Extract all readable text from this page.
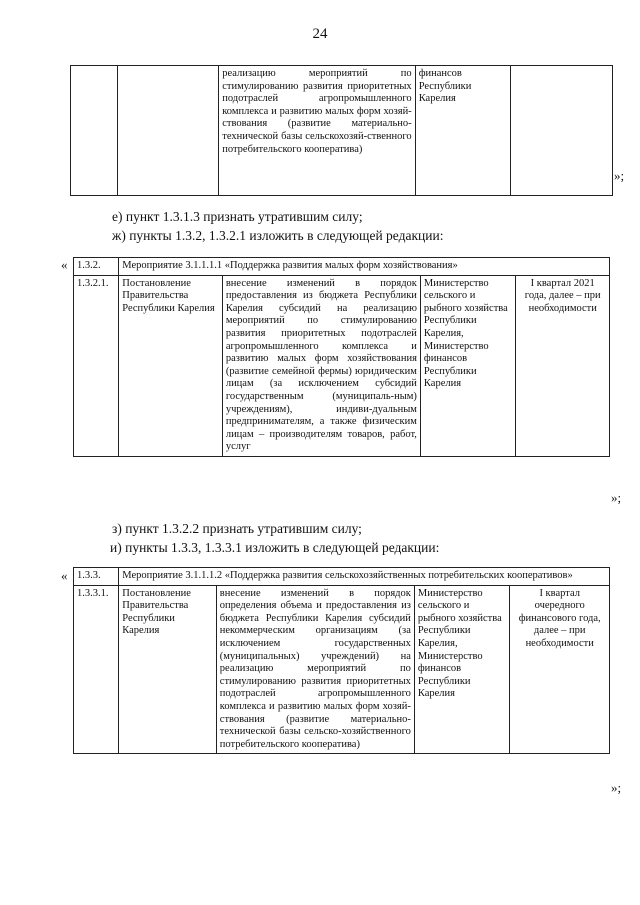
24
		реализацию мероприятий по стимулированию развития приоритетных подотраслей агропромышленного комплекса и развитию малых форм хозяй-ствования (развитие материально-технической базы сельскохозяй-ственного потребительского кооператива)	финансов Республики Карелия	
»;
е) пункт 1.3.1.3 признать утратившим силу;
ж) пункты 1.3.2, 1.3.2.1 изложить в следующей редакции:
« 1.3.2.	Мероприятие 3.1.1.1.1 «Поддержка развития малых форм хозяйствования»			
1.3.2.1.	Постановление Правительства Республики Карелия	внесение изменений в порядок предоставления из бюджета Республики Карелия субсидий на реализацию мероприятий по стимулированию развития приоритетных подотраслей агропромышленного комплекса и развитию малых форм хозяйствования (развитие семейной фермы) юридическим лицам (за исключением субсидий государственным (муниципаль-ным) учреждениям), индиви-дуальным предпринимателям, а также физическим лицам – производителям товаров, работ, услуг	Министерство сельского и рыбного хозяйства Республики Карелия, Министерство финансов Республики Карелия	I квартал 2021 года, далее – при необходимости
»;
з) пункт 1.3.2.2 признать утратившим силу;
и) пункты 1.3.3, 1.3.3.1 изложить в следующей редакции:
« 1.3.3.	Мероприятие 3.1.1.1.2 «Поддержка развития сельскохозяйственных потребительских кооперативов»			
1.3.3.1.	Постановление Правительства Республики Карелия	внесение изменений в порядок определения объема и предоставления из бюджета Республики Карелия субсидий некоммерческим организациям (за исключением государственных (муниципальных) учреждений) на реализацию мероприятий по стимулированию развития приоритетных подотраслей агропромышленного комплекса и развитию малых форм хозяй-ствования (развитие материально-технической базы сельско-хозяйственного потребительского кооператива)	Министерство сельского и рыбного хозяйства Республики Карелия, Министерство финансов Республики Карелия	I квартал очередного финансового года, далее – при необходимости
»;
